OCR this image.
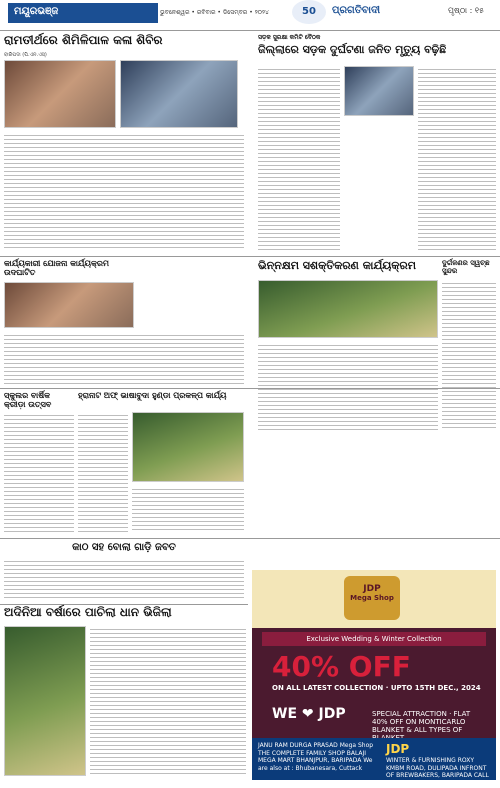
ମୟୂରଭଞ୍ଜ	ଭୁବନେଶ୍ୱର • ରବିବାର • ଡିସେମ୍ବର • ୨୦୨୪	50	ପ୍ରଗତିବାଦୀ	ପୃଷ୍ଠା : ୧୫
ରାମତୀର୍ଥରେ ଶିମିଳିପାଳ କଳା ଶିବିର
ବାରିପଦା (ପି.ଏନ.ଏସ୍)
ସଡ଼କ ସୁରକ୍ଷା କମିଟି ବୈଠକ
ଜିଲ୍ଲାରେ ସଡ଼କ ଦୁର୍ଘଟଣା ଜନିତ ମୃତ୍ୟୁ ବଢ଼ିଛି
କାର୍ଯ୍ୟକାରୀ ଯୋଜନା କାର୍ଯ୍ୟକ୍ରମ ଉଦଘାଟିତ
ଭିନ୍ନକ୍ଷମ ସଶକ୍ତିକରଣ କାର୍ଯ୍ୟକ୍ରମ	ଦୁର୍ଗଳଣର ସ୍ୱଚ୍ଛ ସୁନ୍ଦର
ସ୍କୁଲର ବାର୍ଷିକ କ୍ରୀଡ଼ା ଉତ୍ସବ
ହ୍ରାନାଟ ଅଫ୍ ଭାଷାବୁଦା ହୁଣ୍ଡା ପ୍ରକଳ୍ପ କାର୍ଯ୍ୟ
କାଠ ସହ ବୋଲା ଗାଡ଼ି ଜବତ
ଅଦିନିଆ ବର୍ଷାରେ ପାଚିଲା ଧାନ ଭିଜିଲା
JDP
Mega Shop
Exclusive Wedding & Winter Collection
40% OFF
ON ALL LATEST COLLECTION · UPTO 15TH DEC., 2024
WE ❤ JDP	SPECIAL ATTRACTION · FLAT 40% OFF ON MONTICARLO BLANKET & ALL TYPES OF
JANU RAM DURGA PRASAD Mega Shop THE COMPLETE FAMILY SHOP BALAJI MEGA MART BHANJPUR, BARIPADA We are also at : Bhubanesara, Cuttack
JDP
WINTER & FURNISHING ROXY KMBM ROAD, DULIPADA INFRONT OF BREWBAKERS, BARIPADA CALL : 06792291156
